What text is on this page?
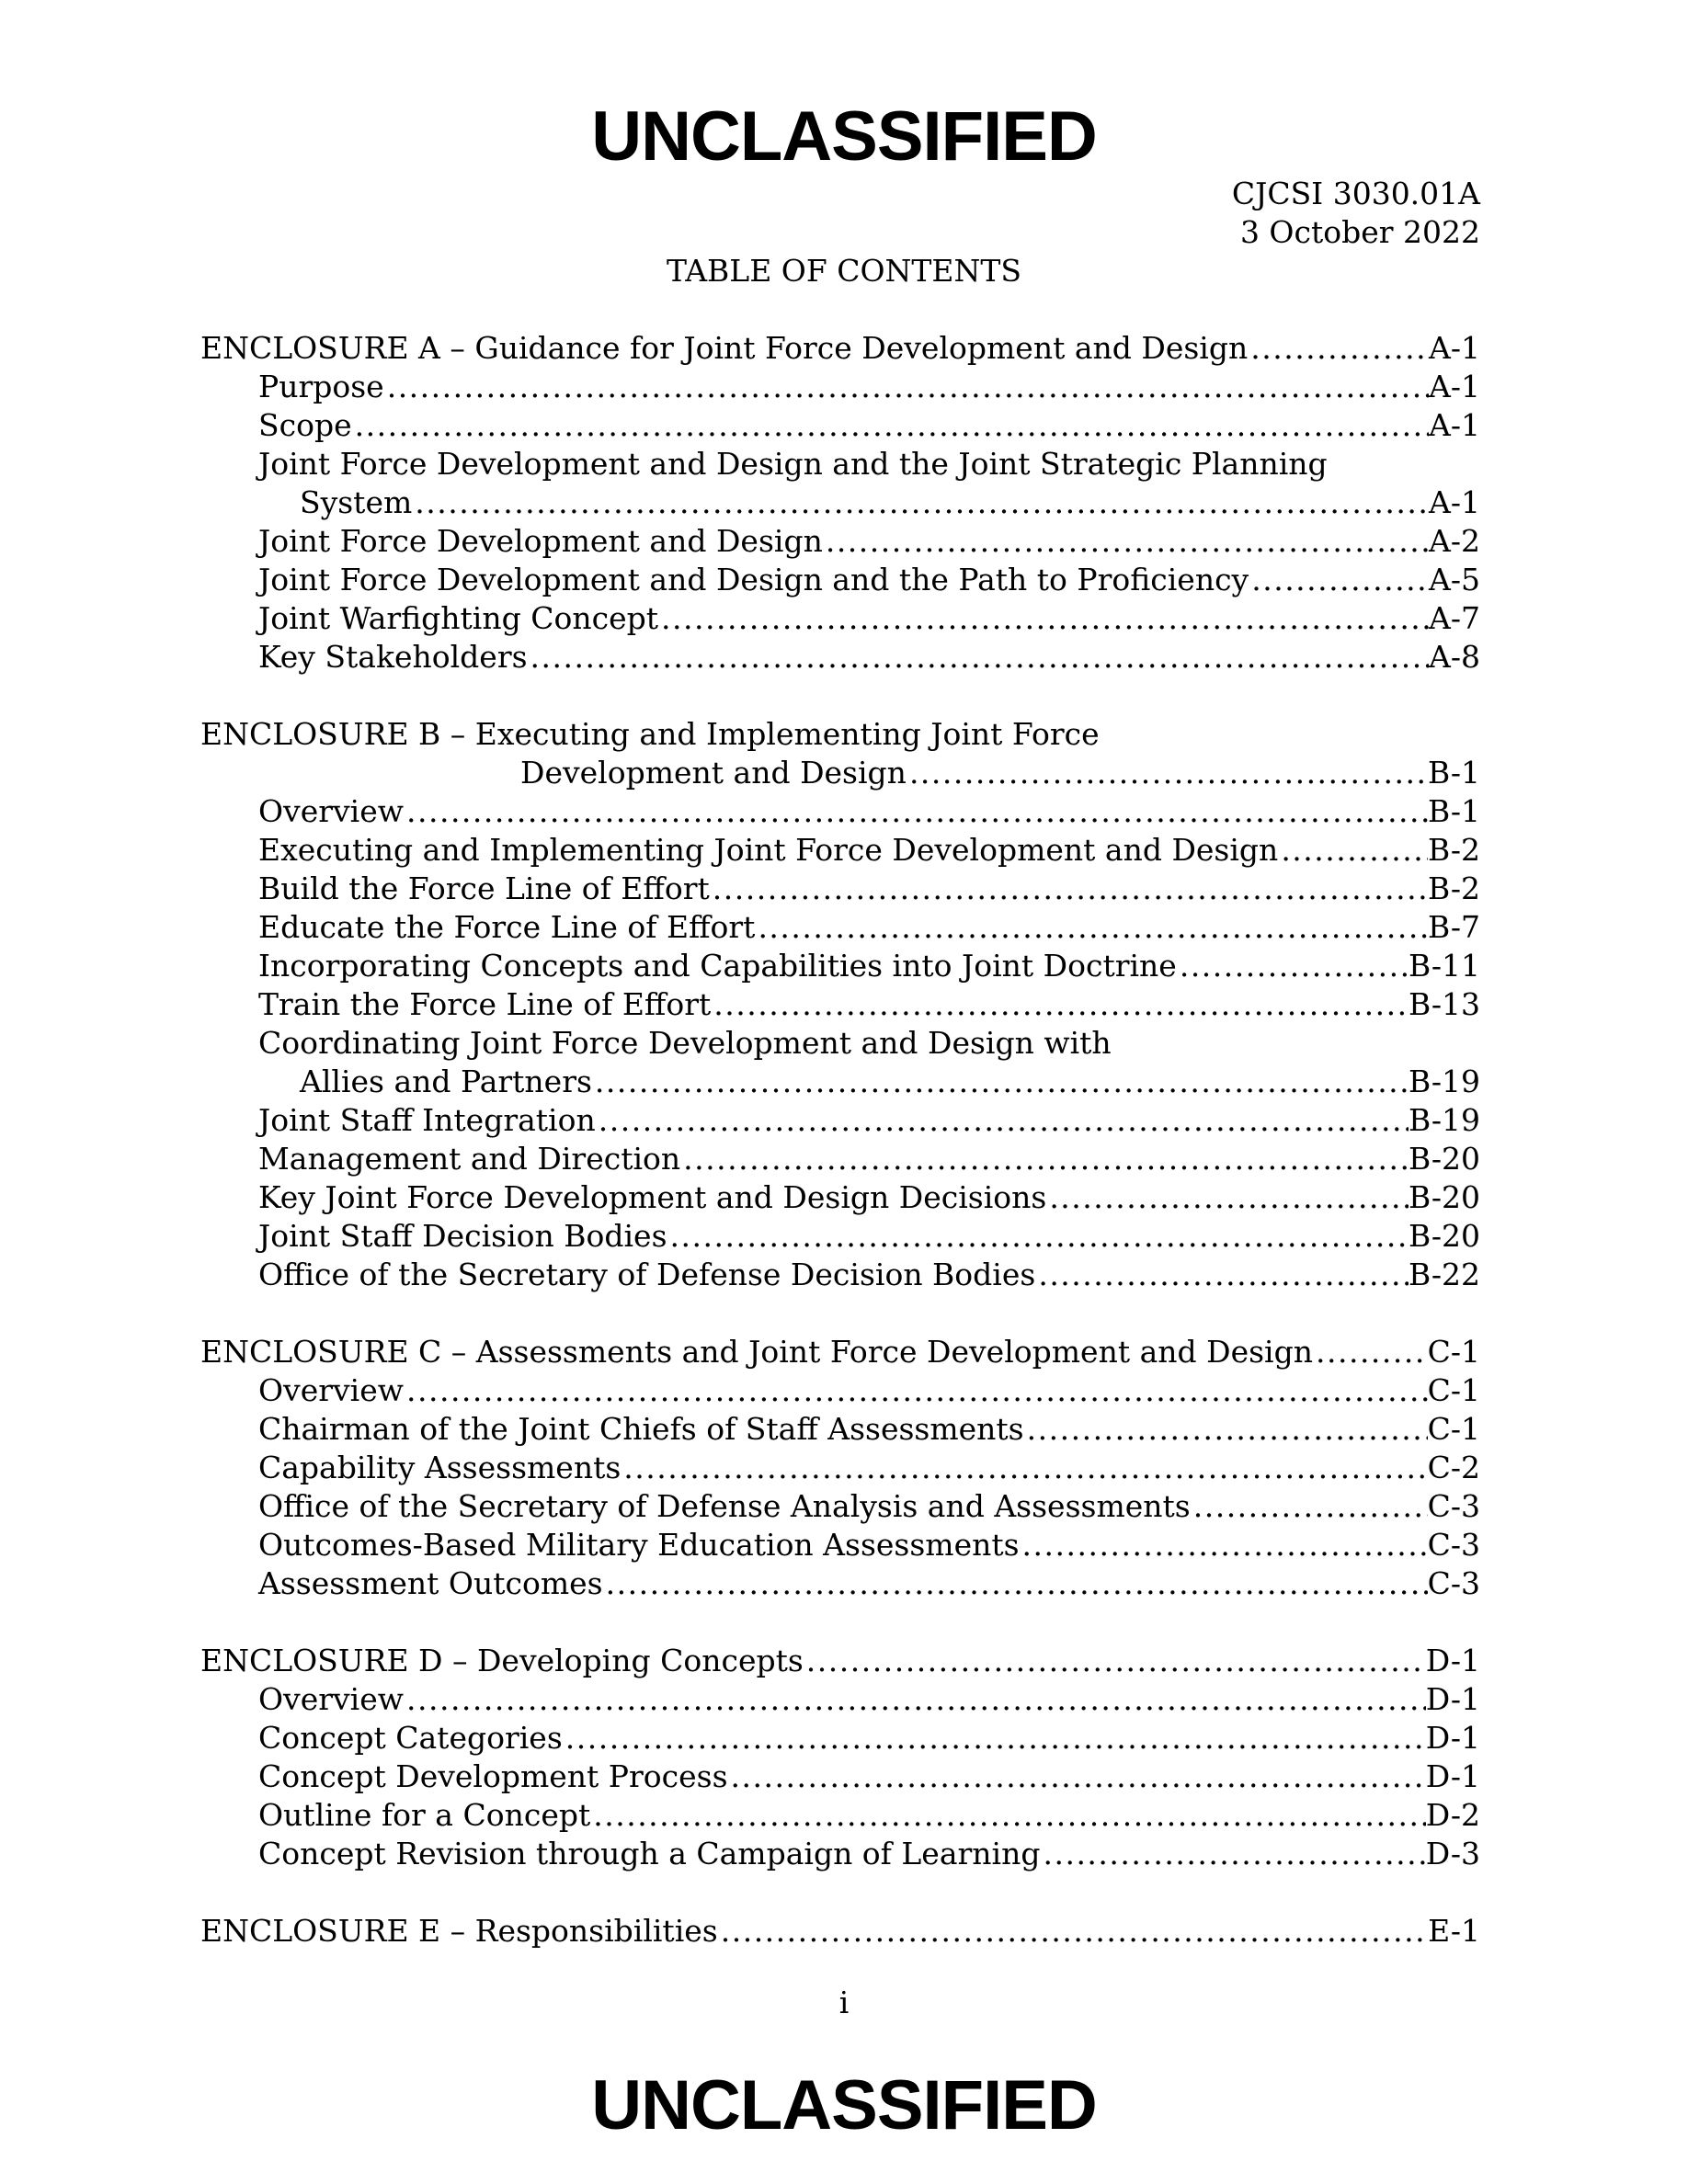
UNCLASSIFIED
CJCSI 3030.01A
3 October 2022
TABLE OF CONTENTS
ENCLOSURE A – Guidance for Joint Force Development and Design .....	A-1
Purpose .....	A-1
Scope .....	A-1
Joint Force Development and Design and the Joint Strategic Planning
System .....	A-1
Joint Force Development and Design .....	A-2
Joint Force Development and Design and the Path to Proficiency .....	A-5
Joint Warfighting Concept .....	A-7
Key Stakeholders .....	A-8
ENCLOSURE B – Executing and Implementing Joint Force
Development and Design .....	B-1
Overview .....	B-1
Executing and Implementing Joint Force Development and Design .....	B-2
Build the Force Line of Effort .....	B-2
Educate the Force Line of Effort .....	B-7
Incorporating Concepts and Capabilities into Joint Doctrine .....	B-11
Train the Force Line of Effort .....	B-13
Coordinating Joint Force Development and Design with
Allies and Partners .....	B-19
Joint Staff Integration .....	B-19
Management and Direction .....	B-20
Key Joint Force Development and Design Decisions .....	B-20
Joint Staff Decision Bodies .....	B-20
Office of the Secretary of Defense Decision Bodies .....	B-22
ENCLOSURE C – Assessments and Joint Force Development and Design .....	C-1
Overview .....	C-1
Chairman of the Joint Chiefs of Staff Assessments .....	C-1
Capability Assessments .....	C-2
Office of the Secretary of Defense Analysis and Assessments .....	C-3
Outcomes-Based Military Education Assessments .....	C-3
Assessment Outcomes .....	C-3
ENCLOSURE D – Developing Concepts .....	D-1
Overview .....	D-1
Concept Categories .....	D-1
Concept Development Process .....	D-1
Outline for a Concept .....	D-2
Concept Revision through a Campaign of Learning .....	D-3
ENCLOSURE E – Responsibilities .....	E-1
i
UNCLASSIFIED
